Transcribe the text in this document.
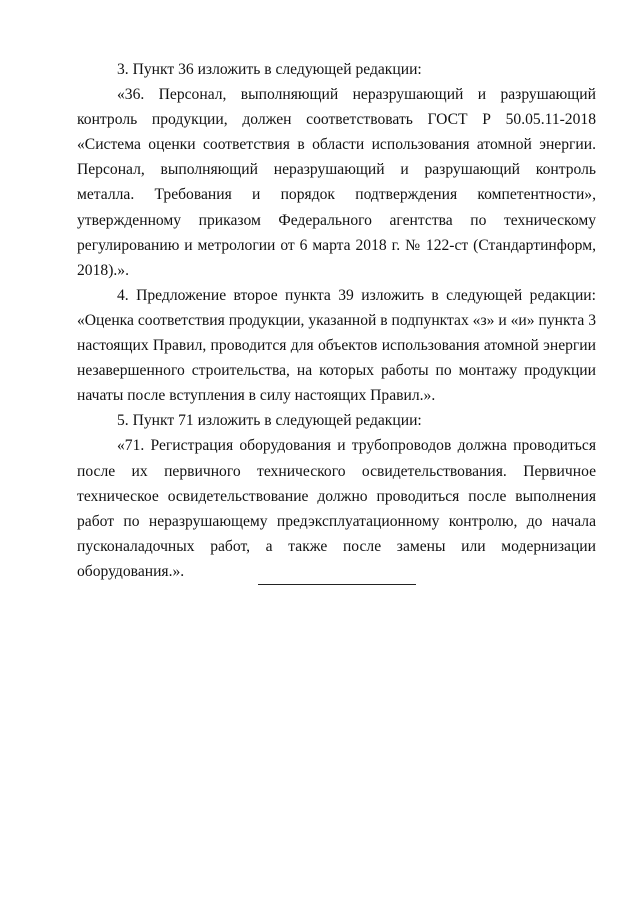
3. Пункт 36 изложить в следующей редакции:

«36. Персонал, выполняющий неразрушающий и разрушающий контроль продукции, должен соответствовать ГОСТ Р 50.05.11-2018 «Система оценки соответствия в области использования атомной энергии. Персонал, выполняющий неразрушающий и разрушающий контроль металла. Требования и порядок подтверждения компетентности», утвержденному приказом Федерального агентства по техническому регулированию и метрологии от 6 марта 2018 г. № 122-ст (Стандартинформ, 2018).».

4. Предложение второе пункта 39 изложить в следующей редакции: «Оценка соответствия продукции, указанной в подпунктах «з» и «и» пункта 3 настоящих Правил, проводится для объектов использования атомной энергии незавершенного строительства, на которых работы по монтажу продукции начаты после вступления в силу настоящих Правил.».

5. Пункт 71 изложить в следующей редакции:

«71. Регистрация оборудования и трубопроводов должна проводиться после их первичного технического освидетельствования. Первичное техническое освидетельствование должно проводиться после выполнения работ по неразрушающему предэксплуатационному контролю, до начала пусконаладочных работ, а также после замены или модернизации оборудования.».
